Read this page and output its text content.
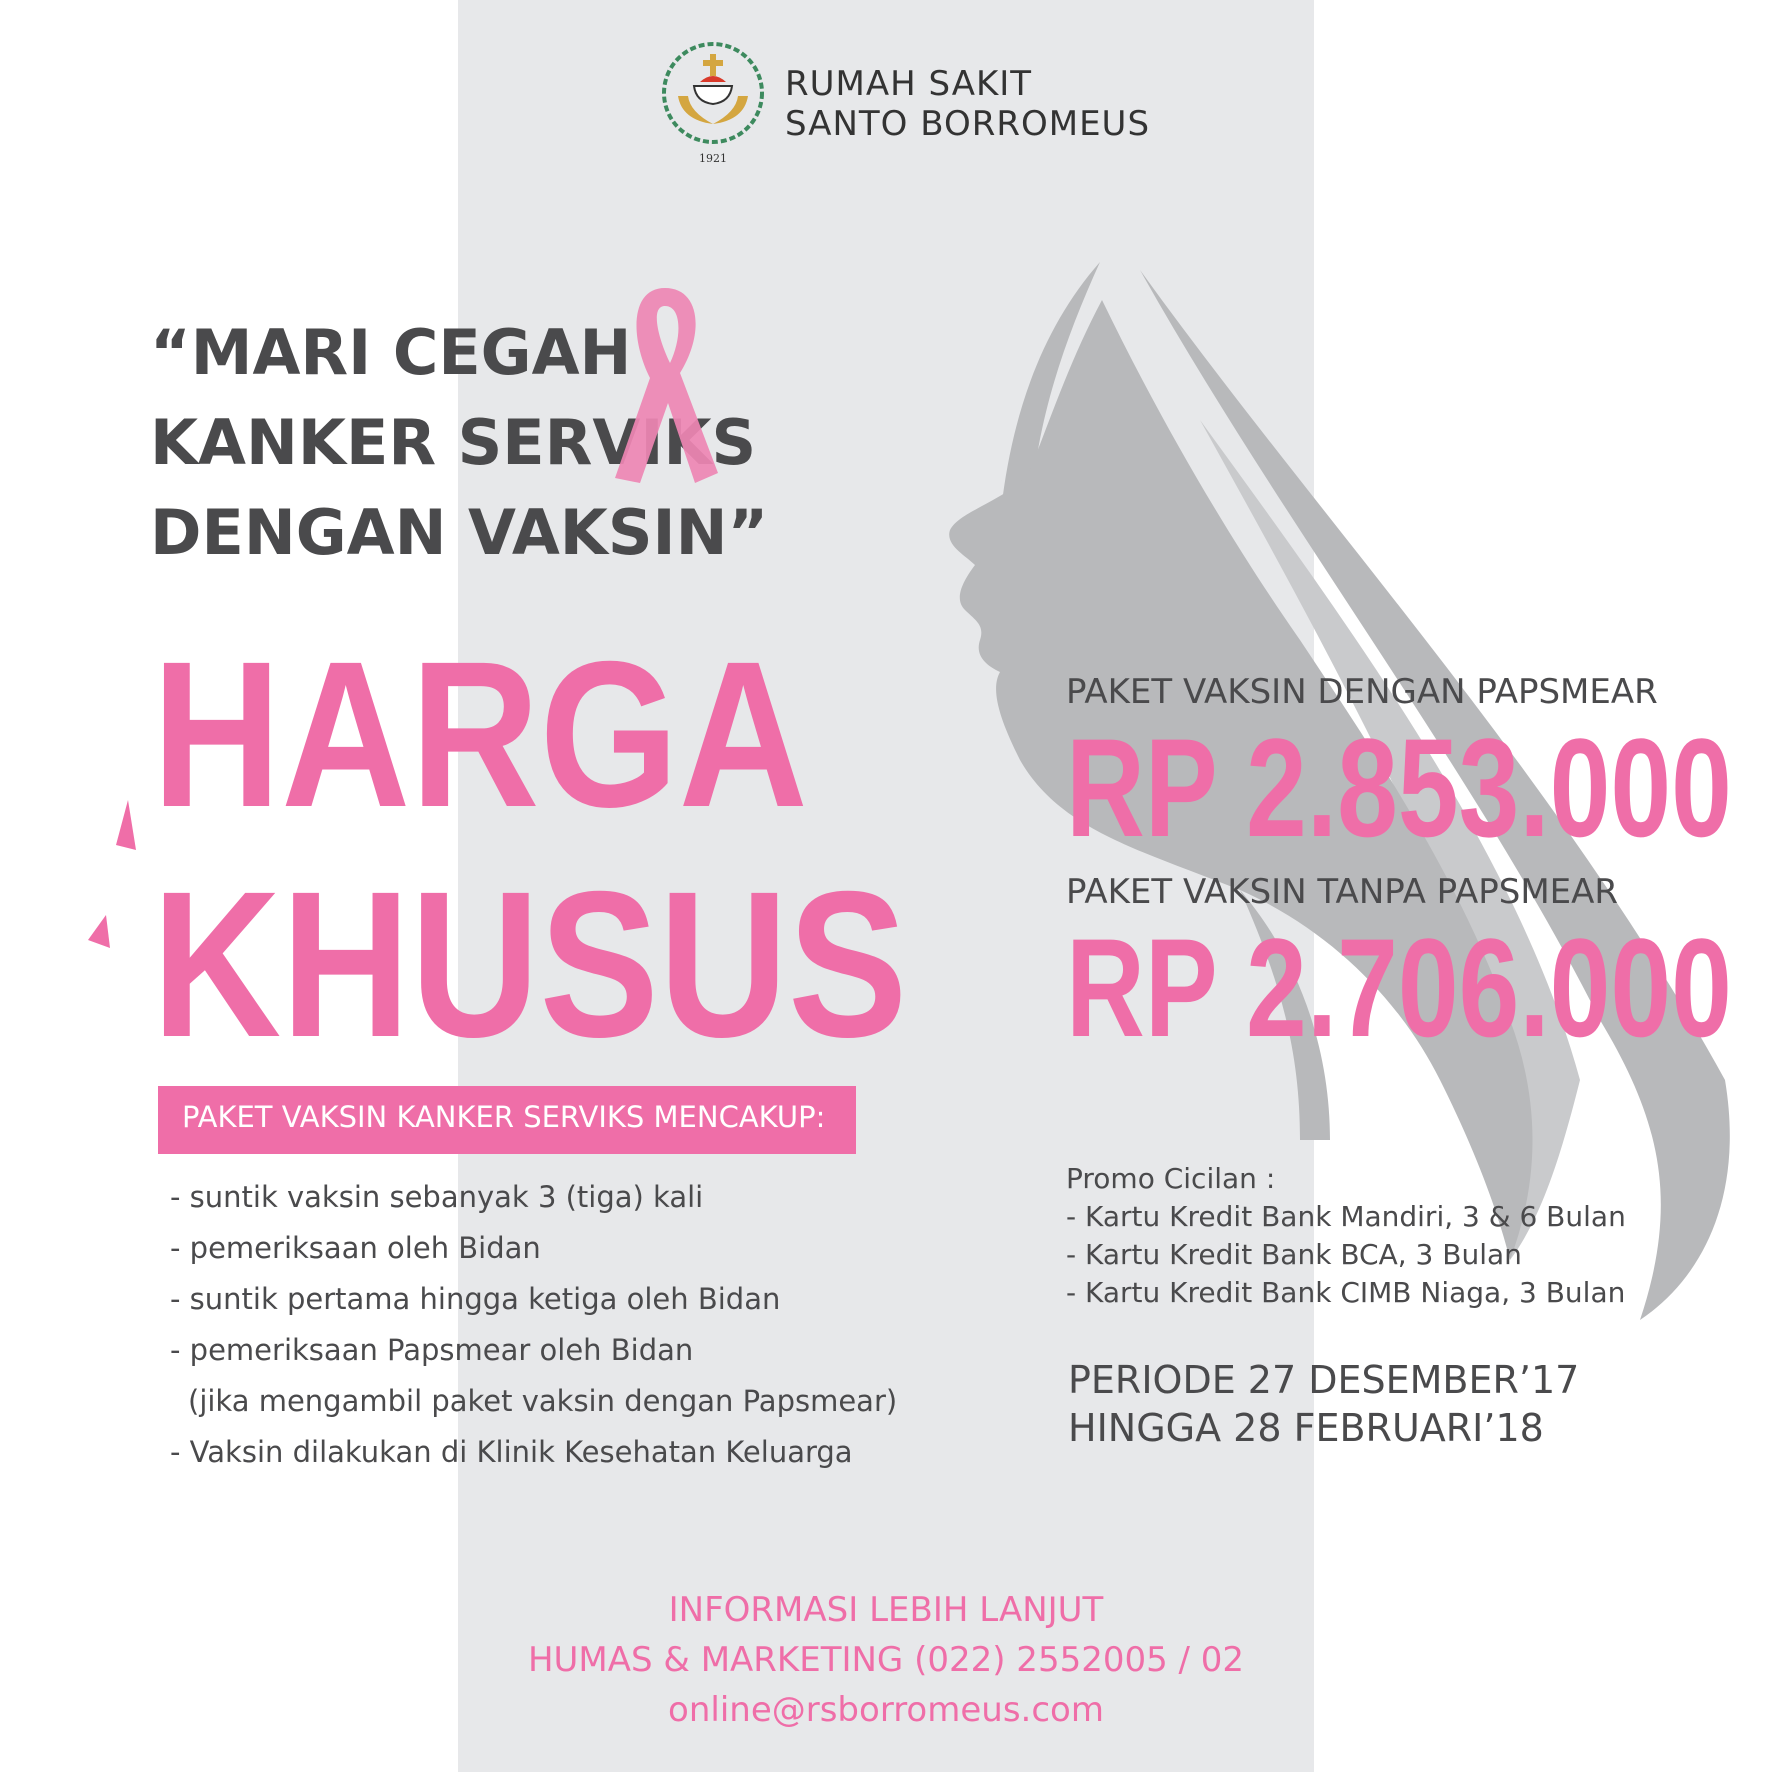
1921
RUMAH SAKIT
SANTO BORROMEUS
“MARI CEGAH
KANKER SERVIKS
DENGAN VAKSIN”
HARGA
KHUSUS
PAKET VAKSIN KANKER SERVIKS MENCAKUP:
- suntik vaksin sebanyak 3 (tiga) kali
- pemeriksaan oleh Bidan
- suntik pertama hingga ketiga oleh Bidan
- pemeriksaan Papsmear oleh Bidan
(jika mengambil paket vaksin dengan Papsmear)
- Vaksin dilakukan di Klinik Kesehatan Keluarga
PAKET VAKSIN DENGAN PAPSMEAR
RP 2.853.000
PAKET VAKSIN TANPA PAPSMEAR
RP 2.706.000
Promo Cicilan :
- Kartu Kredit Bank Mandiri, 3 & 6 Bulan
- Kartu Kredit Bank BCA, 3 Bulan
- Kartu Kredit Bank CIMB Niaga, 3 Bulan
PERIODE 27 DESEMBER’17
HINGGA 28 FEBRUARI’18
INFORMASI LEBIH LANJUT
HUMAS & MARKETING (022) 2552005 / 02
online@rsborromeus.com
